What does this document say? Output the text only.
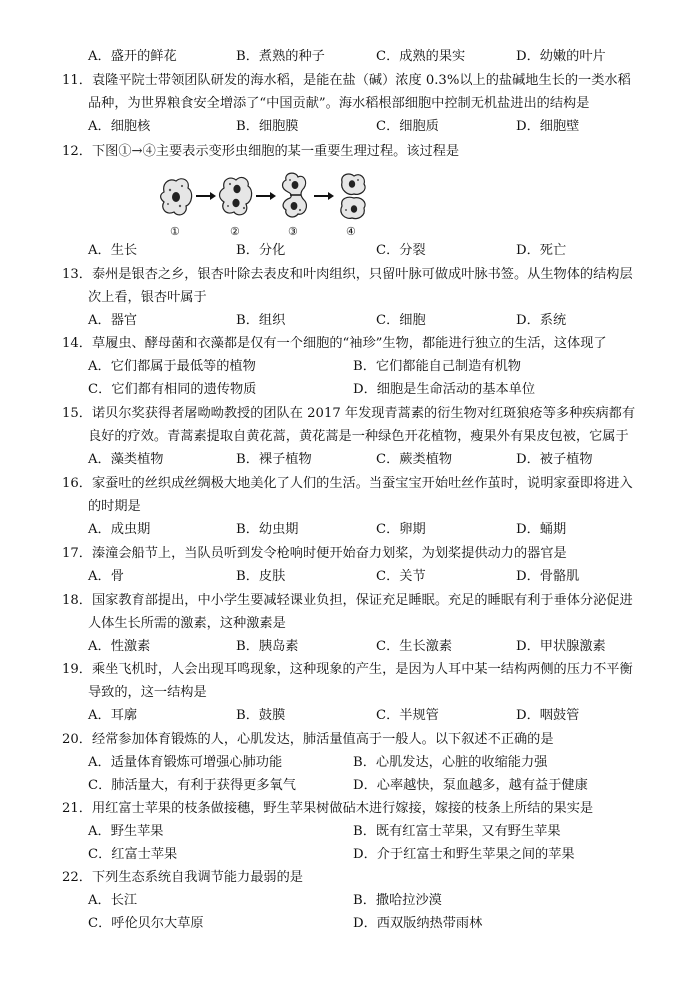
A．盛开的鲜花	B．煮熟的种子	C．成熟的果实	D．幼嫩的叶片
11．袁隆平院士带领团队研发的海水稻，是能在盐（碱）浓度 0.3%以上的盐碱地生长的一类水稻
品种，为世界粮食安全增添了“中国贡献”。海水稻根部细胞中控制无机盐进出的结构是
A．细胞核	B．细胞膜	C．细胞质	D．细胞壁
12．下图①→④主要表示变形虫细胞的某一重要生理过程。该过程是
①	②	③	④
A．生长	B．分化	C．分裂	D．死亡
13．泰州是银杏之乡，银杏叶除去表皮和叶肉组织，只留叶脉可做成叶脉书签。从生物体的结构层
次上看，银杏叶属于
A．器官	B．组织	C．细胞	D．系统
14．草履虫、酵母菌和衣藻都是仅有一个细胞的“袖珍”生物，都能进行独立的生活，这体现了
A．它们都属于最低等的植物	B．它们都能自己制造有机物
C．它们都有相同的遗传物质	D．细胞是生命活动的基本单位
15．诺贝尔奖获得者屠呦呦教授的团队在 2017 年发现青蒿素的衍生物对红斑狼疮等多种疾病都有
良好的疗效。青蒿素提取自黄花蒿，黄花蒿是一种绿色开花植物，瘦果外有果皮包被，它属于
A．藻类植物	B．裸子植物	C．蕨类植物	D．被子植物
16．家蚕吐的丝织成丝绸极大地美化了人们的生活。当蚕宝宝开始吐丝作茧时，说明家蚕即将进入
的时期是
A．成虫期	B．幼虫期	C．卵期	D．蛹期
17．溱潼会船节上，当队员听到发令枪响时便开始奋力划桨，为划桨提供动力的器官是
A．骨	B．皮肤	C．关节	D．骨骼肌
18．国家教育部提出，中小学生要减轻课业负担，保证充足睡眠。充足的睡眠有利于垂体分泌促进
人体生长所需的激素，这种激素是
A．性激素	B．胰岛素	C．生长激素	D．甲状腺激素
19．乘坐飞机时，人会出现耳鸣现象，这种现象的产生，是因为人耳中某一结构两侧的压力不平衡
导致的，这一结构是
A．耳廓	B．鼓膜	C．半规管	D．咽鼓管
20．经常参加体育锻炼的人，心肌发达，肺活量值高于一般人。以下叙述不正确的是
A．适量体育锻炼可增强心肺功能	B．心肌发达，心脏的收缩能力强
C．肺活量大，有利于获得更多氧气	D．心率越快，泵血越多，越有益于健康
21．用红富士苹果的枝条做接穗，野生苹果树做砧木进行嫁接，嫁接的枝条上所结的果实是
A．野生苹果	B．既有红富士苹果，又有野生苹果
C．红富士苹果	D．介于红富士和野生苹果之间的苹果
22．下列生态系统自我调节能力最弱的是
A．长江	B．撒哈拉沙漠
C．呼伦贝尔大草原	D．西双版纳热带雨林
